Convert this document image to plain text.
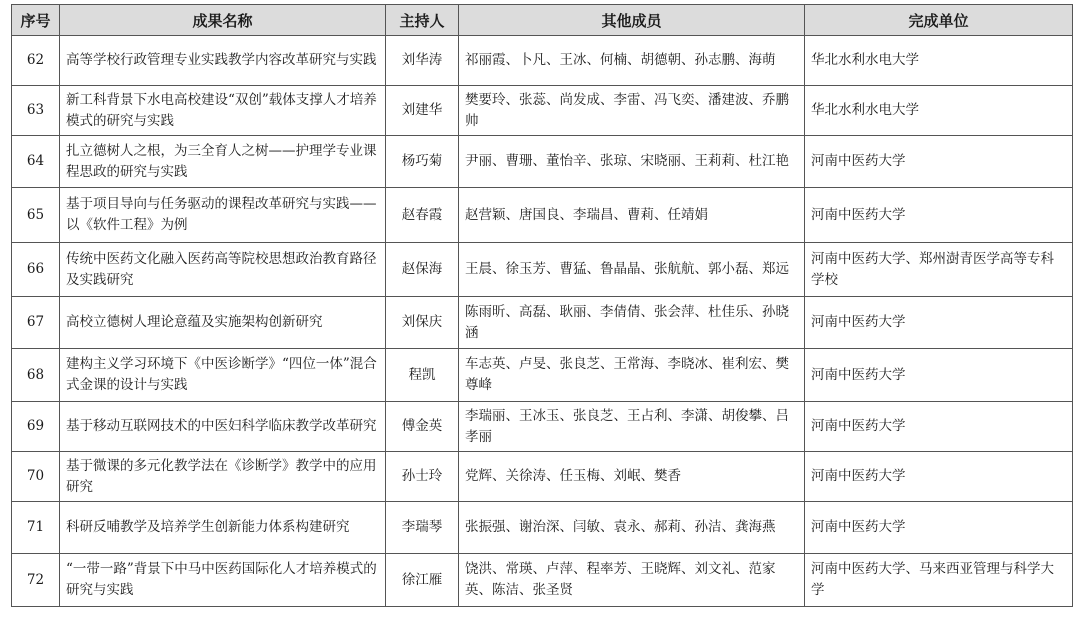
序号	成果名称	主持人	其他成员	完成单位
62	高等学校行政管理专业实践教学内容改革研究与实践	刘华涛	祁丽霞、卜凡、王冰、何楠、胡德朝、孙志鹏、海萌	华北水利水电大学
63	新工科背景下水电高校建设“双创”载体支撑人才培养模式的研究与实践	刘建华	樊要玲、张蕊、尚发成、李雷、冯飞奕、潘建波、乔鹏帅	华北水利水电大学
64	扎立德树人之根，为三全育人之树——护理学专业课程思政的研究与实践	杨巧菊	尹丽、曹珊、董怡辛、张琼、宋晓丽、王莉莉、杜江艳	河南中医药大学
65	基于项目导向与任务驱动的课程改革研究与实践——以《软件工程》为例	赵春霞	赵营颖、唐国良、李瑞昌、曹莉、任靖娟	河南中医药大学
66	传统中医药文化融入医药高等院校思想政治教育路径及实践研究	赵保海	王晨、徐玉芳、曹猛、鲁晶晶、张航航、郭小磊、郑远	河南中医药大学、郑州澍青医学高等专科学校
67	高校立德树人理论意蕴及实施架构创新研究	刘保庆	陈雨昕、高磊、耿丽、李倩倩、张会萍、杜佳乐、孙晓涵	河南中医药大学
68	建构主义学习环境下《中医诊断学》“四位一体”混合式金课的设计与实践	程凯	车志英、卢旻、张良芝、王常海、李晓冰、崔利宏、樊尊峰	河南中医药大学
69	基于移动互联网技术的中医妇科学临床教学改革研究	傅金英	李瑞丽、王冰玉、张良芝、王占利、李潇、胡俊攀、吕孝丽	河南中医药大学
70	基于微课的多元化教学法在《诊断学》教学中的应用研究	孙士玲	党辉、关徐涛、任玉梅、刘岷、樊香	河南中医药大学
71	科研反哺教学及培养学生创新能力体系构建研究	李瑞琴	张振强、谢治深、闫敏、袁永、郝莉、孙洁、龚海燕	河南中医药大学
72	“一带一路”背景下中马中医药国际化人才培养模式的研究与实践	徐江雁	饶洪、常瑛、卢萍、程率芳、王晓辉、刘文礼、范家英、陈洁、张圣贤	河南中医药大学、马来西亚管理与科学大学
